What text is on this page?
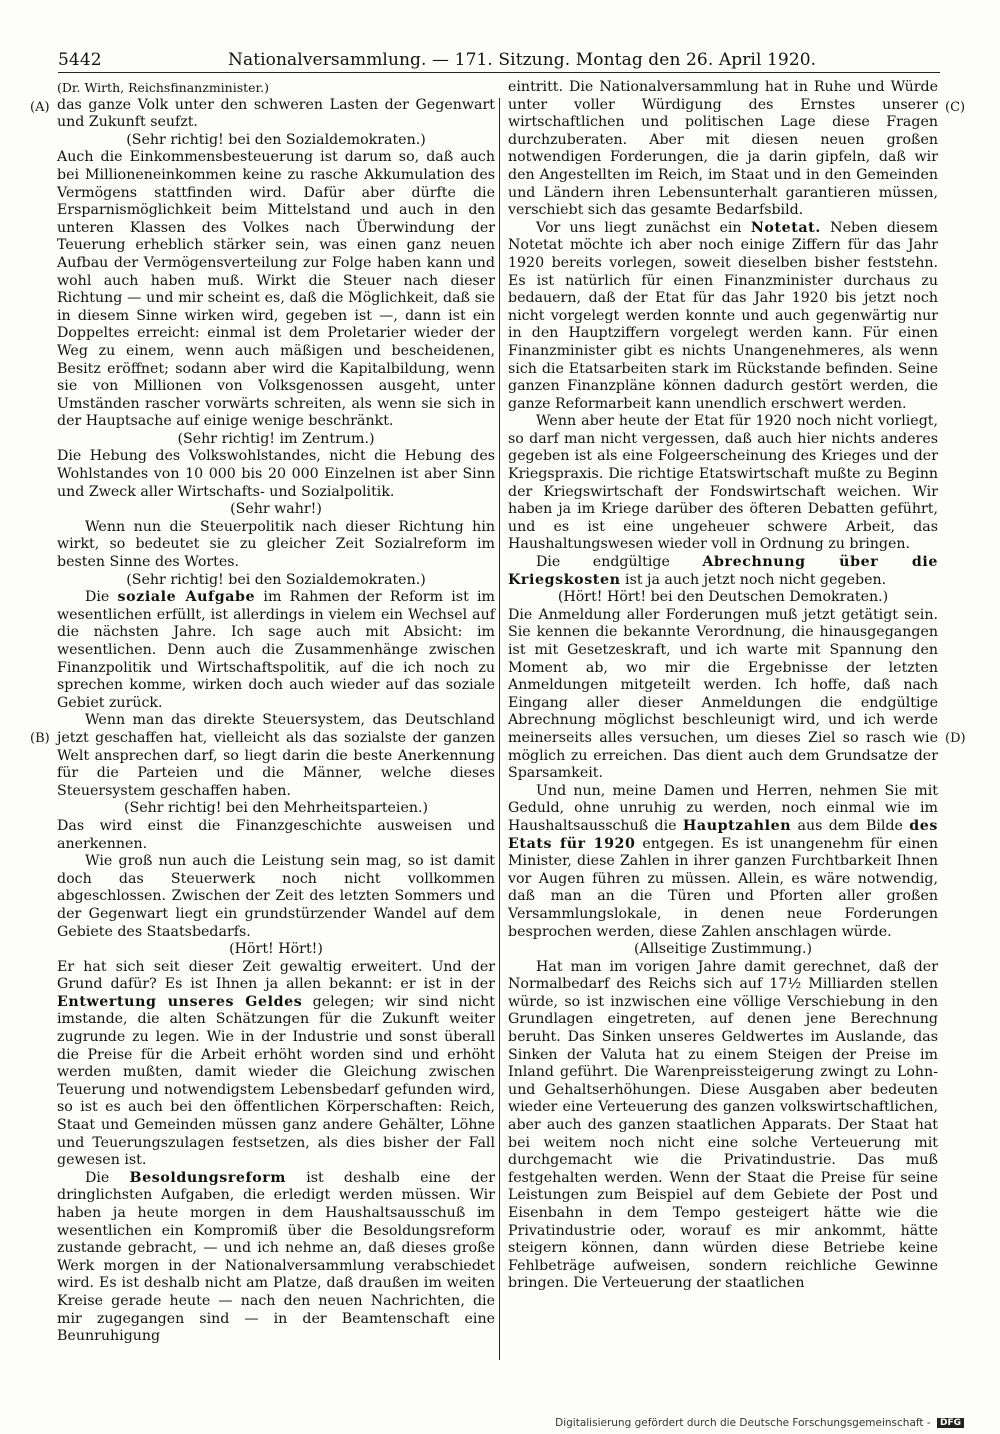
5442	Nationalversammlung. — 171. Sitzung. Montag den 26. April 1920.
(A)
(B)
(C)
(D)

(Dr. Wirth, Reichsfinanzminister.)

das ganze Volk unter den schweren Lasten der Gegenwart und Zukunft seufzt.

(Sehr richtig! bei den Sozialdemokraten.)

Auch die Einkommensbesteuerung ist darum so, daß auch bei Millioneneinkommen keine zu rasche Akkumulation des Vermögens stattfinden wird. Dafür aber dürfte die Ersparnismöglichkeit beim Mittelstand und auch in den unteren Klassen des Volkes nach Überwindung der Teuerung erheblich stärker sein, was einen ganz neuen Aufbau der Vermögensverteilung zur Folge haben kann und wohl auch haben muß. Wirkt die Steuer nach dieser Richtung — und mir scheint es, daß die Möglichkeit, daß sie in diesem Sinne wirken wird, gegeben ist —, dann ist ein Doppeltes erreicht: einmal ist dem Proletarier wieder der Weg zu einem, wenn auch mäßigen und bescheidenen, Besitz eröffnet; sodann aber wird die Kapitalbildung, wenn sie von Millionen von Volksgenossen ausgeht, unter Umständen rascher vorwärts schreiten, als wenn sie sich in der Hauptsache auf einige wenige beschränkt.

(Sehr richtig! im Zentrum.)

Die Hebung des Volkswohlstandes, nicht die Hebung des Wohlstandes von 10 000 bis 20 000 Einzelnen ist aber Sinn und Zweck aller Wirtschafts- und Sozialpolitik.

(Sehr wahr!)

Wenn nun die Steuerpolitik nach dieser Richtung hin wirkt, so bedeutet sie zu gleicher Zeit Sozialreform im besten Sinne des Wortes.

(Sehr richtig! bei den Sozialdemokraten.)

Die soziale Aufgabe im Rahmen der Reform ist im wesentlichen erfüllt, ist allerdings in vielem ein Wechsel auf die nächsten Jahre. Ich sage auch mit Absicht: im wesentlichen. Denn auch die Zusammenhänge zwischen Finanzpolitik und Wirtschaftspolitik, auf die ich noch zu sprechen komme, wirken doch auch wieder auf das soziale Gebiet zurück.

Wenn man das direkte Steuersystem, das Deutschland jetzt geschaffen hat, vielleicht als das sozialste der ganzen Welt ansprechen darf, so liegt darin die beste Anerkennung für die Parteien und die Männer, welche dieses Steuersystem geschaffen haben.

(Sehr richtig! bei den Mehrheitsparteien.)

Das wird einst die Finanzgeschichte ausweisen und anerkennen.

Wie groß nun auch die Leistung sein mag, so ist damit doch das Steuerwerk noch nicht vollkommen abgeschlossen. Zwischen der Zeit des letzten Sommers und der Gegenwart liegt ein grundstürzender Wandel auf dem Gebiete des Staatsbedarfs.

(Hört! Hört!)

Er hat sich seit dieser Zeit gewaltig erweitert. Und der Grund dafür? Es ist Ihnen ja allen bekannt: er ist in der Entwertung unseres Geldes gelegen; wir sind nicht imstande, die alten Schätzungen für die Zukunft weiter zugrunde zu legen. Wie in der Industrie und sonst überall die Preise für die Arbeit erhöht worden sind und erhöht werden mußten, damit wieder die Gleichung zwischen Teuerung und notwendigstem Lebensbedarf gefunden wird, so ist es auch bei den öffentlichen Körperschaften: Reich, Staat und Gemeinden müssen ganz andere Gehälter, Löhne und Teuerungszulagen festsetzen, als dies bisher der Fall gewesen ist.

Die Besoldungsreform ist deshalb eine der dringlichsten Aufgaben, die erledigt werden müssen. Wir haben ja heute morgen in dem Haushaltsausschuß im wesentlichen ein Kompromiß über die Besoldungsreform zustande gebracht, — und ich nehme an, daß dieses große Werk morgen in der Nationalversammlung verabschiedet wird. Es ist deshalb nicht am Platze, daß draußen im weiten Kreise gerade heute — nach den neuen Nachrichten, die mir zugegangen sind — in der Beamtenschaft eine Beunruhigung

eintritt. Die Nationalversammlung hat in Ruhe und Würde unter voller Würdigung des Ernstes unserer wirtschaftlichen und politischen Lage diese Fragen durchzuberaten. Aber mit diesen neuen großen notwendigen Forderungen, die ja darin gipfeln, daß wir den Angestellten im Reich, im Staat und in den Gemeinden und Ländern ihren Lebensunterhalt garantieren müssen, verschiebt sich das gesamte Bedarfsbild.

Vor uns liegt zunächst ein Notetat. Neben diesem Notetat möchte ich aber noch einige Ziffern für das Jahr 1920 bereits vorlegen, soweit dieselben bisher feststehn. Es ist natürlich für einen Finanzminister durchaus zu bedauern, daß der Etat für das Jahr 1920 bis jetzt noch nicht vorgelegt werden konnte und auch gegenwärtig nur in den Hauptziffern vorgelegt werden kann. Für einen Finanzminister gibt es nichts Unangenehmeres, als wenn sich die Etatsarbeiten stark im Rückstande befinden. Seine ganzen Finanzpläne können dadurch gestört werden, die ganze Reformarbeit kann unendlich erschwert werden.

Wenn aber heute der Etat für 1920 noch nicht vorliegt, so darf man nicht vergessen, daß auch hier nichts anderes gegeben ist als eine Folgeerscheinung des Krieges und der Kriegspraxis. Die richtige Etatswirtschaft mußte zu Beginn der Kriegswirtschaft der Fondswirtschaft weichen. Wir haben ja im Kriege darüber des öfteren Debatten geführt, und es ist eine ungeheuer schwere Arbeit, das Haushaltungswesen wieder voll in Ordnung zu bringen.

Die endgültige Abrechnung über die Kriegskosten ist ja auch jetzt noch nicht gegeben.

(Hört! Hört! bei den Deutschen Demokraten.)

Die Anmeldung aller Forderungen muß jetzt getätigt sein. Sie kennen die bekannte Verordnung, die hinausgegangen ist mit Gesetzeskraft, und ich warte mit Spannung den Moment ab, wo mir die Ergebnisse der letzten Anmeldungen mitgeteilt werden. Ich hoffe, daß nach Eingang aller dieser Anmeldungen die endgültige Abrechnung möglichst beschleunigt wird, und ich werde meinerseits alles versuchen, um dieses Ziel so rasch wie möglich zu erreichen. Das dient auch dem Grundsatze der Sparsamkeit.

Und nun, meine Damen und Herren, nehmen Sie mit Geduld, ohne unruhig zu werden, noch einmal wie im Haushaltsausschuß die Hauptzahlen aus dem Bilde des Etats für 1920 entgegen. Es ist unangenehm für einen Minister, diese Zahlen in ihrer ganzen Furchtbarkeit Ihnen vor Augen führen zu müssen. Allein, es wäre notwendig, daß man an die Türen und Pforten aller großen Versammlungslokale, in denen neue Forderungen besprochen werden, diese Zahlen anschlagen würde.

(Allseitige Zustimmung.)

Hat man im vorigen Jahre damit gerechnet, daß der Normalbedarf des Reichs sich auf 17½ Milliarden stellen würde, so ist inzwischen eine völlige Verschiebung in den Grundlagen eingetreten, auf denen jene Berechnung beruht. Das Sinken unseres Geldwertes im Auslande, das Sinken der Valuta hat zu einem Steigen der Preise im Inland geführt. Die Warenpreissteigerung zwingt zu Lohn- und Gehaltserhöhungen. Diese Ausgaben aber bedeuten wieder eine Verteuerung des ganzen volkswirtschaftlichen, aber auch des ganzen staatlichen Apparats. Der Staat hat bei weitem noch nicht eine solche Verteuerung mit durchgemacht wie die Privatindustrie. Das muß festgehalten werden. Wenn der Staat die Preise für seine Leistungen zum Beispiel auf dem Gebiete der Post und Eisenbahn in dem Tempo gesteigert hätte wie die Privatindustrie oder, worauf es mir ankommt, hätte steigern können, dann würden diese Betriebe keine Fehlbeträge aufweisen, sondern reichliche Gewinne bringen. Die Verteuerung der staatlichen

Digitalisierung gefördert durch die Deutsche Forschungsgemeinschaft - DFG
